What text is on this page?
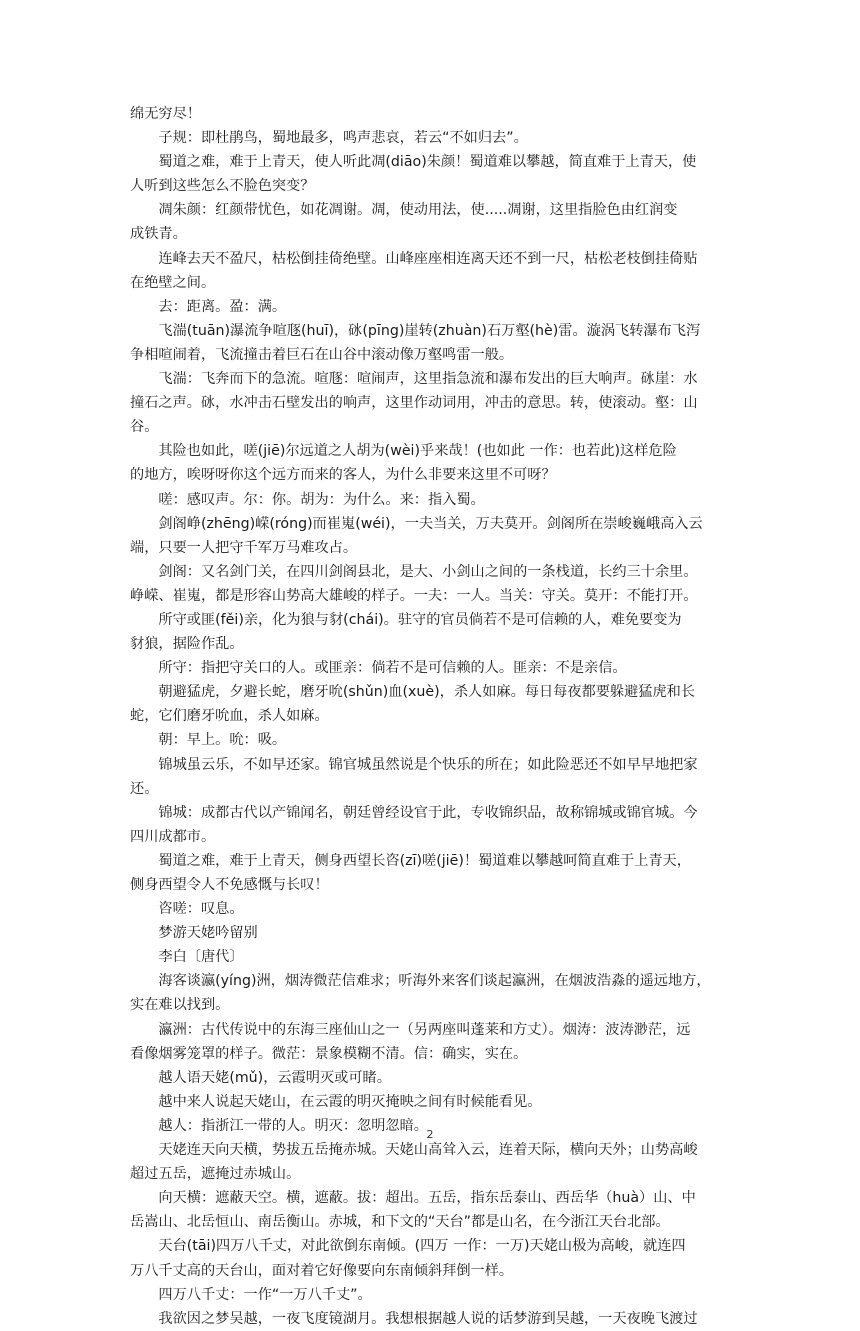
绵无穷尽！
　　子规：即杜鹃鸟，蜀地最多，鸣声悲哀，若云“不如归去”。
　　蜀道之难，难于上青天，使人听此凋(diāo)朱颜！蜀道难以攀越，简直难于上青天，使
人听到这些怎么不脸色突变？
　　凋朱颜：红颜带忧色，如花凋谢。凋，使动用法，使.....凋谢，这里指脸色由红润变
成铁青。
　　连峰去天不盈尺，枯松倒挂倚绝壁。山峰座座相连离天还不到一尺，枯松老枝倒挂倚贴
在绝壁之间。
　　去：距离。盈：满。
　　飞湍(tuān)瀑流争喧豗(huī)，砯(pīng)崖转(zhuàn)石万壑(hè)雷。漩涡飞转瀑布飞泻
争相喧闹着，飞流撞击着巨石在山谷中滚动像万壑鸣雷一般。
　　飞湍：飞奔而下的急流。喧豗：喧闹声，这里指急流和瀑布发出的巨大响声。砯崖：水
撞石之声。砯，水冲击石壁发出的响声，这里作动词用，冲击的意思。转，使滚动。壑：山
谷。
　　其险也如此，嗟(jiē)尔远道之人胡为(wèi)乎来哉！(也如此 一作：也若此)这样危险
的地方，唉呀呀你这个远方而来的客人，为什么非要来这里不可呀？
　　嗟：感叹声。尔：你。胡为：为什么。来：指入蜀。
　　剑阁峥(zhēng)嵘(róng)而崔嵬(wéi)，一夫当关，万夫莫开。剑阁所在崇峻巍峨高入云
端，只要一人把守千军万马难攻占。
　　剑阁：又名剑门关，在四川剑阁县北，是大、小剑山之间的一条栈道，长约三十余里。
峥嵘、崔嵬，都是形容山势高大雄峻的样子。一夫：一人。当关：守关。莫开：不能打开。
　　所守或匪(fěi)亲，化为狼与豺(chái)。驻守的官员倘若不是可信赖的人，难免要变为
豺狼，据险作乱。
　　所守：指把守关口的人。或匪亲：倘若不是可信赖的人。匪亲：不是亲信。
　　朝避猛虎，夕避长蛇，磨牙吮(shǔn)血(xuè)，杀人如麻。每日每夜都要躲避猛虎和长
蛇，它们磨牙吮血，杀人如麻。
　　朝：早上。吮：吸。
　　锦城虽云乐，不如早还家。锦官城虽然说是个快乐的所在；如此险恶还不如早早地把家
还。
　　锦城：成都古代以产锦闻名，朝廷曾经设官于此，专收锦织品，故称锦城或锦官城。今
四川成都市。
　　蜀道之难，难于上青天，侧身西望长咨(zī)嗟(jiē)！蜀道难以攀越呵简直难于上青天，
侧身西望令人不免感慨与长叹！
　　咨嗟：叹息。
　　梦游天姥吟留别
　　李白〔唐代〕
　　海客谈瀛(yíng)洲，烟涛微茫信难求；听海外来客们谈起瀛洲，在烟波浩淼的遥远地方，
实在难以找到。
　　瀛洲：古代传说中的东海三座仙山之一（另两座叫蓬莱和方丈）。烟涛：波涛渺茫，远
看像烟雾笼罩的样子。微茫：景象模糊不清。信：确实，实在。
　　越人语天姥(mǔ)，云霞明灭或可睹。
　　越中来人说起天姥山，在云霞的明灭掩映之间有时候能看见。
　　越人：指浙江一带的人。明灭：忽明忽暗。
　　天姥连天向天横，势拔五岳掩赤城。天姥山高耸入云，连着天际，横向天外；山势高峻
超过五岳，遮掩过赤城山。
　　向天横：遮蔽天空。横，遮蔽。拔：超出。五岳，指东岳泰山、西岳华（huà）山、中
岳嵩山、北岳恒山、南岳衡山。赤城，和下文的“天台”都是山名，在今浙江天台北部。
　　天台(tāi)四万八千丈，对此欲倒东南倾。(四万 一作：一万)天姥山极为高峻，就连四
万八千丈高的天台山，面对着它好像要向东南倾斜拜倒一样。
　　四万八千丈：一作“一万八千丈”。
　　我欲因之梦吴越，一夜飞度镜湖月。我想根据越人说的话梦游到吴越，一天夜晚飞渡过
2
